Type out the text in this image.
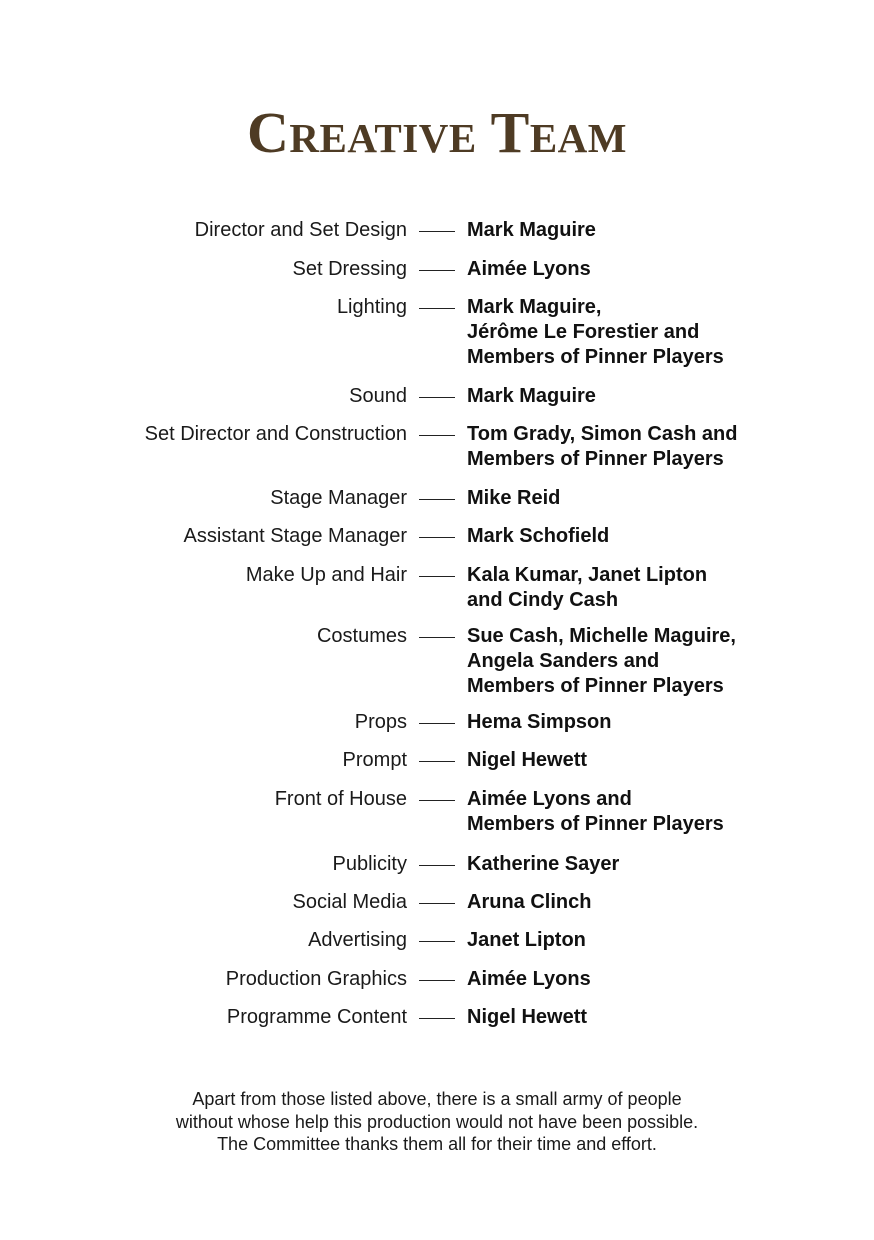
Creative Team
Director and Set Design	Mark Maguire
Set Dressing	Aimée Lyons
Lighting	Mark Maguire,
Jérôme Le Forestier and
Members of Pinner Players
Sound	Mark Maguire
Set Director and Construction	Tom Grady, Simon Cash and
Members of Pinner Players
Stage Manager	Mike Reid
Assistant Stage Manager	Mark Schofield
Make Up and Hair	Kala Kumar, Janet Lipton
and Cindy Cash
Costumes	Sue Cash, Michelle Maguire,
Angela Sanders and
Members of Pinner Players
Props	Hema Simpson
Prompt	Nigel Hewett
Front of House	Aimée Lyons and
Members of Pinner Players
Publicity	Katherine Sayer
Social Media	Aruna Clinch
Advertising	Janet Lipton
Production Graphics	Aimée Lyons
Programme Content	Nigel Hewett
Apart from those listed above, there is a small army of people
without whose help this production would not have been possible.
The Committee thanks them all for their time and effort.
